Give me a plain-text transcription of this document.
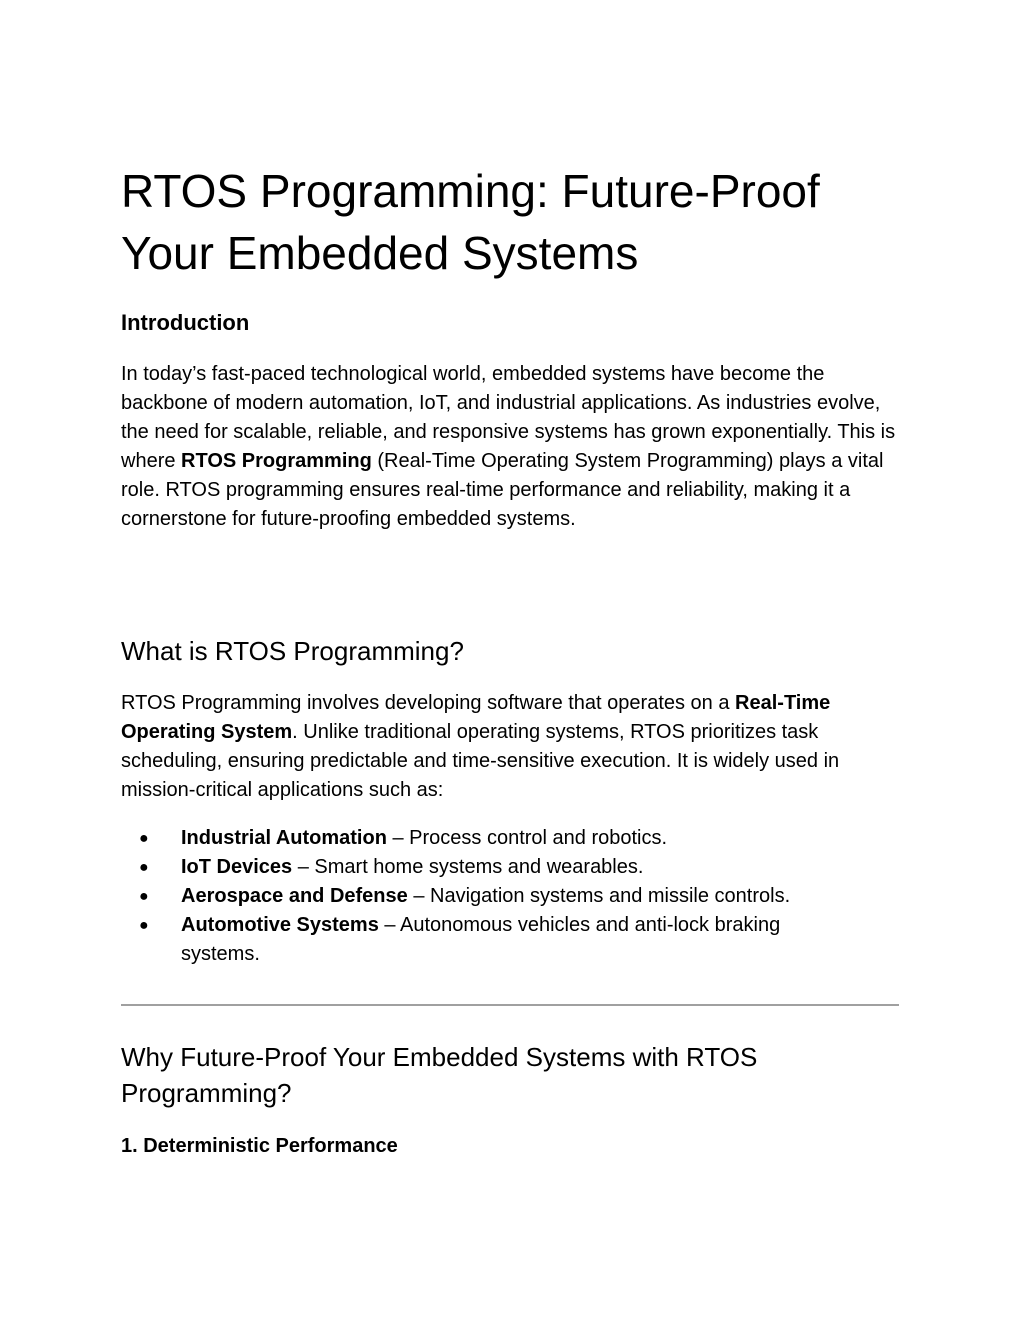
RTOS Programming: Future-Proof Your Embedded Systems
Introduction

In today’s fast-paced technological world, embedded systems have become the backbone of modern automation, IoT, and industrial applications. As industries evolve, the need for scalable, reliable, and responsive systems has grown exponentially. This is where RTOS Programming (Real-Time Operating System Programming) plays a vital role. RTOS programming ensures real-time performance and reliability, making it a cornerstone for future-proofing embedded systems.

What is RTOS Programming?

RTOS Programming involves developing software that operates on a Real-Time Operating System. Unlike traditional operating systems, RTOS prioritizes task scheduling, ensuring predictable and time-sensitive execution. It is widely used in mission-critical applications such as:

● Industrial Automation – Process control and robotics.
● IoT Devices – Smart home systems and wearables.
● Aerospace and Defense – Navigation systems and missile controls.
● Automotive Systems – Autonomous vehicles and anti-lock braking systems.
Why Future-Proof Your Embedded Systems with RTOS Programming?
1. Deterministic Performance
